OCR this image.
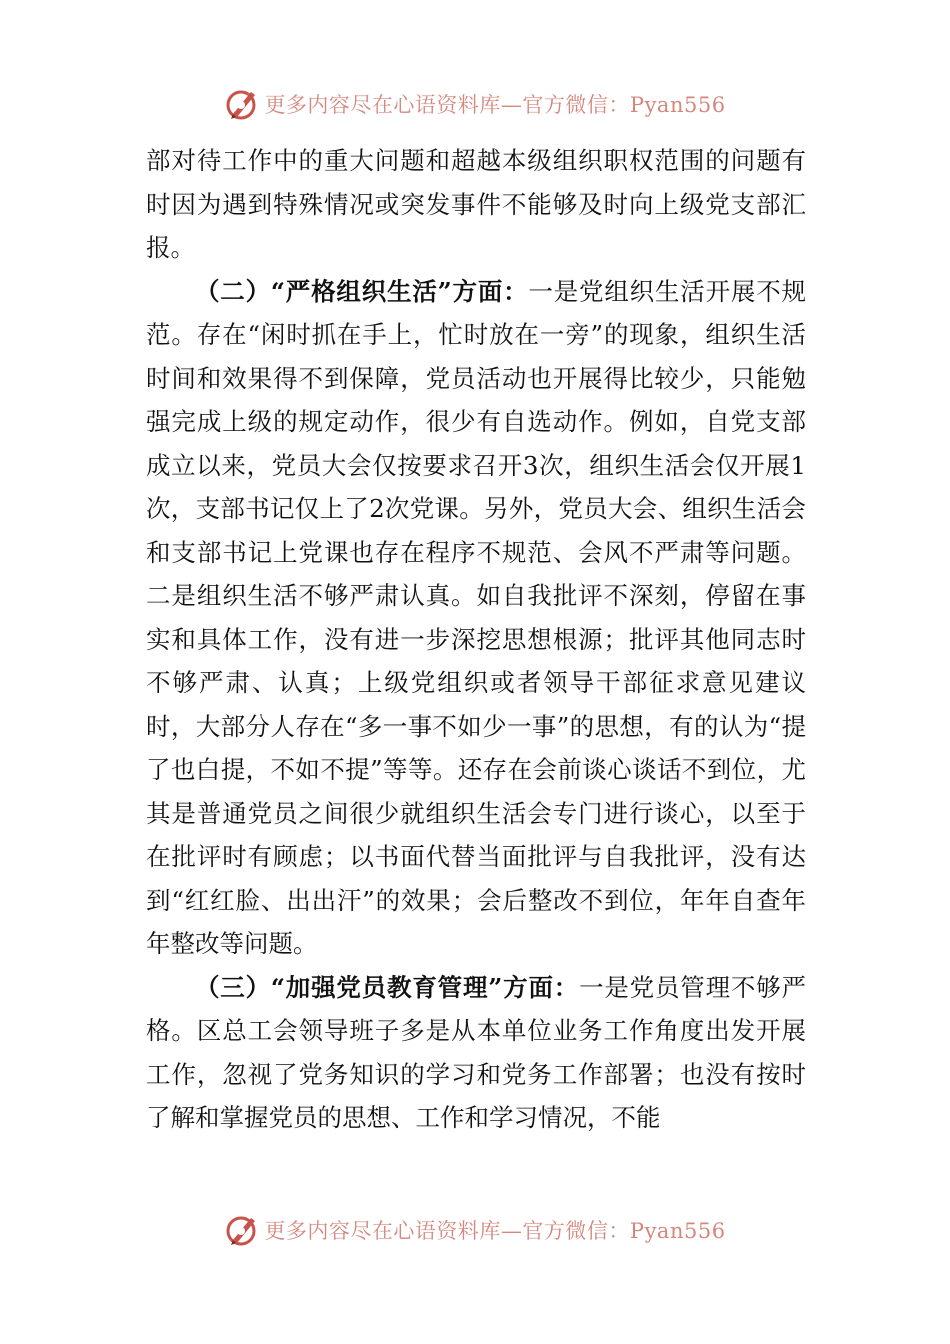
更多内容尽在心语资料库—官方微信：Pyan556

部对待工作中的重大问题和超越本级组织职权范围的问题有时因为遇到特殊情况或突发事件不能够及时向上级党支部汇报。

（二）“严格组织生活”方面：一是党组织生活开展不规范。存在“闲时抓在手上，忙时放在一旁”的现象，组织生活时间和效果得不到保障，党员活动也开展得比较少，只能勉强完成上级的规定动作，很少有自选动作。例如，自党支部成立以来，党员大会仅按要求召开3次，组织生活会仅开展1次，支部书记仅上了2次党课。另外，党员大会、组织生活会和支部书记上党课也存在程序不规范、会风不严肃等问题。二是组织生活不够严肃认真。如自我批评不深刻，停留在事实和具体工作，没有进一步深挖思想根源；批评其他同志时不够严肃、认真；上级党组织或者领导干部征求意见建议时，大部分人存在“多一事不如少一事”的思想，有的认为“提了也白提，不如不提”等等。还存在会前谈心谈话不到位，尤其是普通党员之间很少就组织生活会专门进行谈心，以至于在批评时有顾虑；以书面代替当面批评与自我批评，没有达到“红红脸、出出汗”的效果；会后整改不到位，年年自查年年整改等问题。

（三）“加强党员教育管理”方面：一是党员管理不够严格。区总工会领导班子多是从本单位业务工作角度出发开展工作，忽视了党务知识的学习和党务工作部署；也没有按时了解和掌握党员的思想、工作和学习情况，不能

更多内容尽在心语资料库—官方微信：Pyan556
